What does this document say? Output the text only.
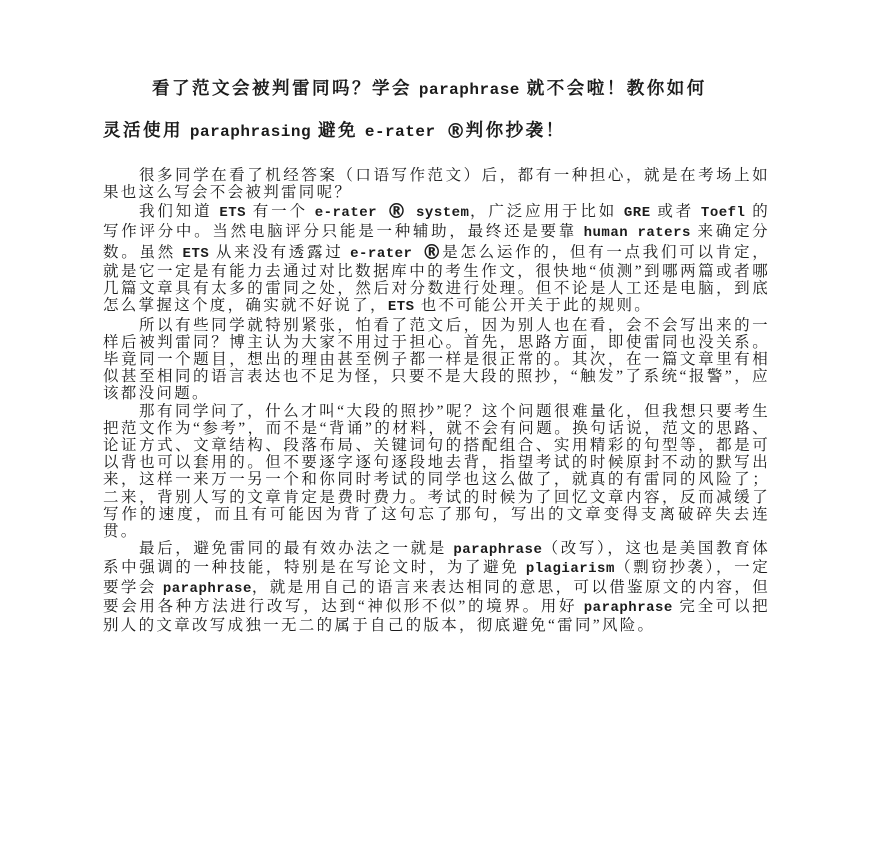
看了范文会被判雷同吗？学会 paraphrase 就不会啦！教你如何
灵活使用 paraphrasing 避免 e-rater ®判你抄袭！

很多同学在看了机经答案（口语写作范文）后，都有一种担心，就是在考场上如果也这么写会不会被判雷同呢？

我们知道 ETS 有一个 e-rater ® system，广泛应用于比如 GRE 或者 Toefl 的写作评分中。当然电脑评分只能是一种辅助，最终还是要靠 human raters 来确定分数。虽然 ETS 从来没有透露过 e-rater ®是怎么运作的，但有一点我们可以肯定，就是它一定是有能力去通过对比数据库中的考生作文，很快地“侦测”到哪两篇或者哪几篇文章具有太多的雷同之处，然后对分数进行处理。但不论是人工还是电脑，到底怎么掌握这个度，确实就不好说了，ETS 也不可能公开关于此的规则。

所以有些同学就特别紧张，怕看了范文后，因为别人也在看，会不会写出来的一样后被判雷同？博主认为大家不用过于担心。首先，思路方面，即使雷同也没关系。毕竟同一个题目，想出的理由甚至例子都一样是很正常的。其次，在一篇文章里有相似甚至相同的语言表达也不足为怪，只要不是大段的照抄，“触发”了系统“报警”，应该都没问题。

那有同学问了，什么才叫“大段的照抄”呢？这个问题很难量化，但我想只要考生把范文作为“参考”，而不是“背诵”的材料，就不会有问题。换句话说，范文的思路、论证方式、文章结构、段落布局、关键词句的搭配组合、实用精彩的句型等，都是可以背也可以套用的。但不要逐字逐句逐段地去背，指望考试的时候原封不动的默写出来，这样一来万一另一个和你同时考试的同学也这么做了，就真的有雷同的风险了；二来，背别人写的文章肯定是费时费力。考试的时候为了回忆文章内容，反而减缓了写作的速度，而且有可能因为背了这句忘了那句，写出的文章变得支离破碎失去连贯。

最后，避免雷同的最有效办法之一就是 paraphrase（改写），这也是美国教育体系中强调的一种技能，特别是在写论文时，为了避免 plagiarism（剽窃抄袭），一定要学会 paraphrase，就是用自己的语言来表达相同的意思，可以借鉴原文的内容，但要会用各种方法进行改写，达到“神似形不似”的境界。用好 paraphrase 完全可以把别人的文章改写成独一无二的属于自己的版本，彻底避免“雷同”风险。
